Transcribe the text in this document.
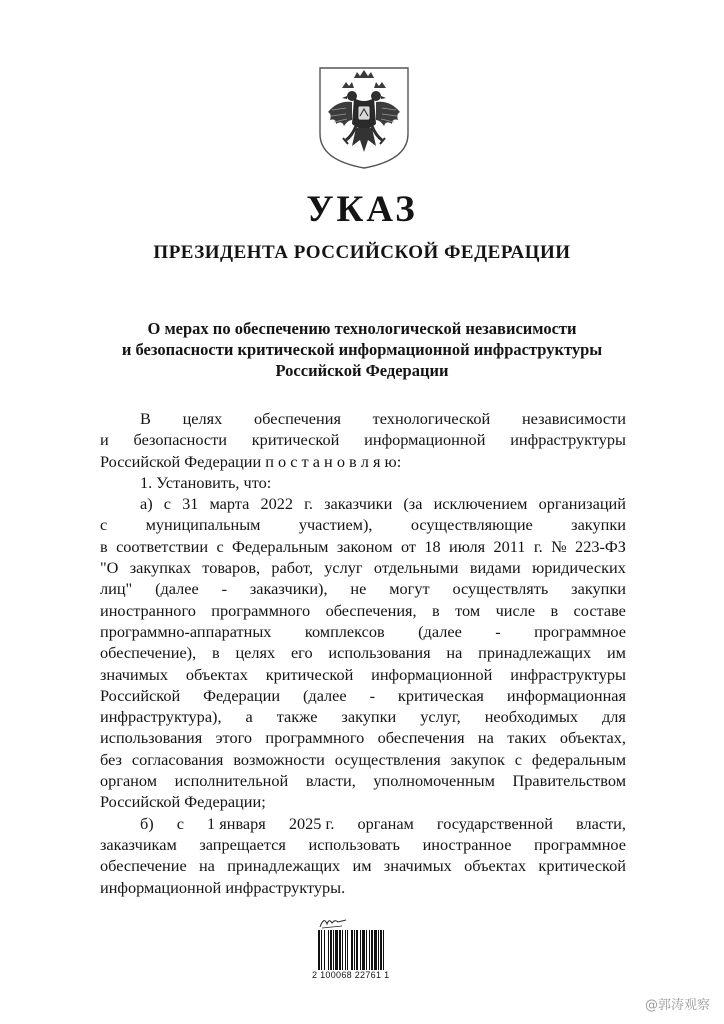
УКАЗ
ПРЕЗИДЕНТА РОССИЙСКОЙ ФЕДЕРАЦИИ
О мерах по обеспечению технологической независимости
и безопасности критической информационной инфраструктуры
Российской Федерации
В целях обеспечения технологической независимости
и безопасности критической информационной инфраструктуры
Российской Федерации п о с т а н о в л я ю:
1. Установить, что:
а) с 31 марта 2022 г. заказчики (за исключением организаций
с муниципальным участием), осуществляющие закупки
в соответствии с Федеральным законом от 18 июля 2011 г. № 223-ФЗ
"О закупках товаров, работ, услуг отдельными видами юридических
лиц" (далее - заказчики), не могут осуществлять закупки
иностранного программного обеспечения, в том числе в составе
программно-аппаратных комплексов (далее - программное
обеспечение), в целях его использования на принадлежащих им
значимых объектах критической информационной инфраструктуры
Российской Федерации (далее - критическая информационная
инфраструктура), а также закупки услуг, необходимых для
использования этого программного обеспечения на таких объектах,
без согласования возможности осуществления закупок с федеральным
органом исполнительной власти, уполномоченным Правительством
Российской Федерации;
б) с 1 января 2025 г. органам государственной власти,
заказчикам запрещается использовать иностранное программное
обеспечение на принадлежащих им значимых объектах критической
информационной инфраструктуры.
2 100068 22761 1
@郭涛观察
